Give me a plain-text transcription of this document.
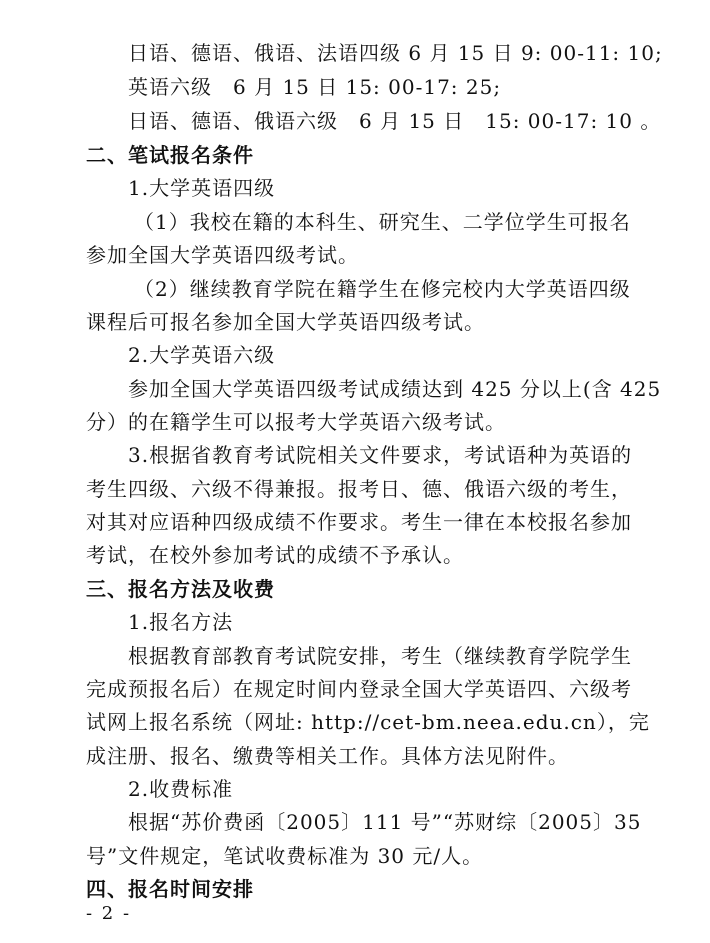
日语、德语、俄语、法语四级 6 月 15 日 9: 00-11: 10;
英语六级　6 月 15 日 15: 00-17: 25;
日语、德语、俄语六级　6 月 15 日　15: 00-17: 10 。
二、笔试报名条件
1.大学英语四级
（1）我校在籍的本科生、研究生、二学位学生可报名
参加全国大学英语四级考试。
（2）继续教育学院在籍学生在修完校内大学英语四级
课程后可报名参加全国大学英语四级考试。
2.大学英语六级
参加全国大学英语四级考试成绩达到 425 分以上(含 425
分）的在籍学生可以报考大学英语六级考试。
3.根据省教育考试院相关文件要求，考试语种为英语的
考生四级、六级不得兼报。报考日、德、俄语六级的考生，
对其对应语种四级成绩不作要求。考生一律在本校报名参加
考试，在校外参加考试的成绩不予承认。
三、报名方法及收费
1.报名方法
根据教育部教育考试院安排，考生（继续教育学院学生
完成预报名后）在规定时间内登录全国大学英语四、六级考
试网上报名系统（网址: http://cet-bm.neea.edu.cn），完
成注册、报名、缴费等相关工作。具体方法见附件。
2.收费标准
根据“苏价费函〔2005〕111 号”“苏财综〔2005〕35
号”文件规定，笔试收费标准为 30 元/人。
四、报名时间安排
- 2 -
